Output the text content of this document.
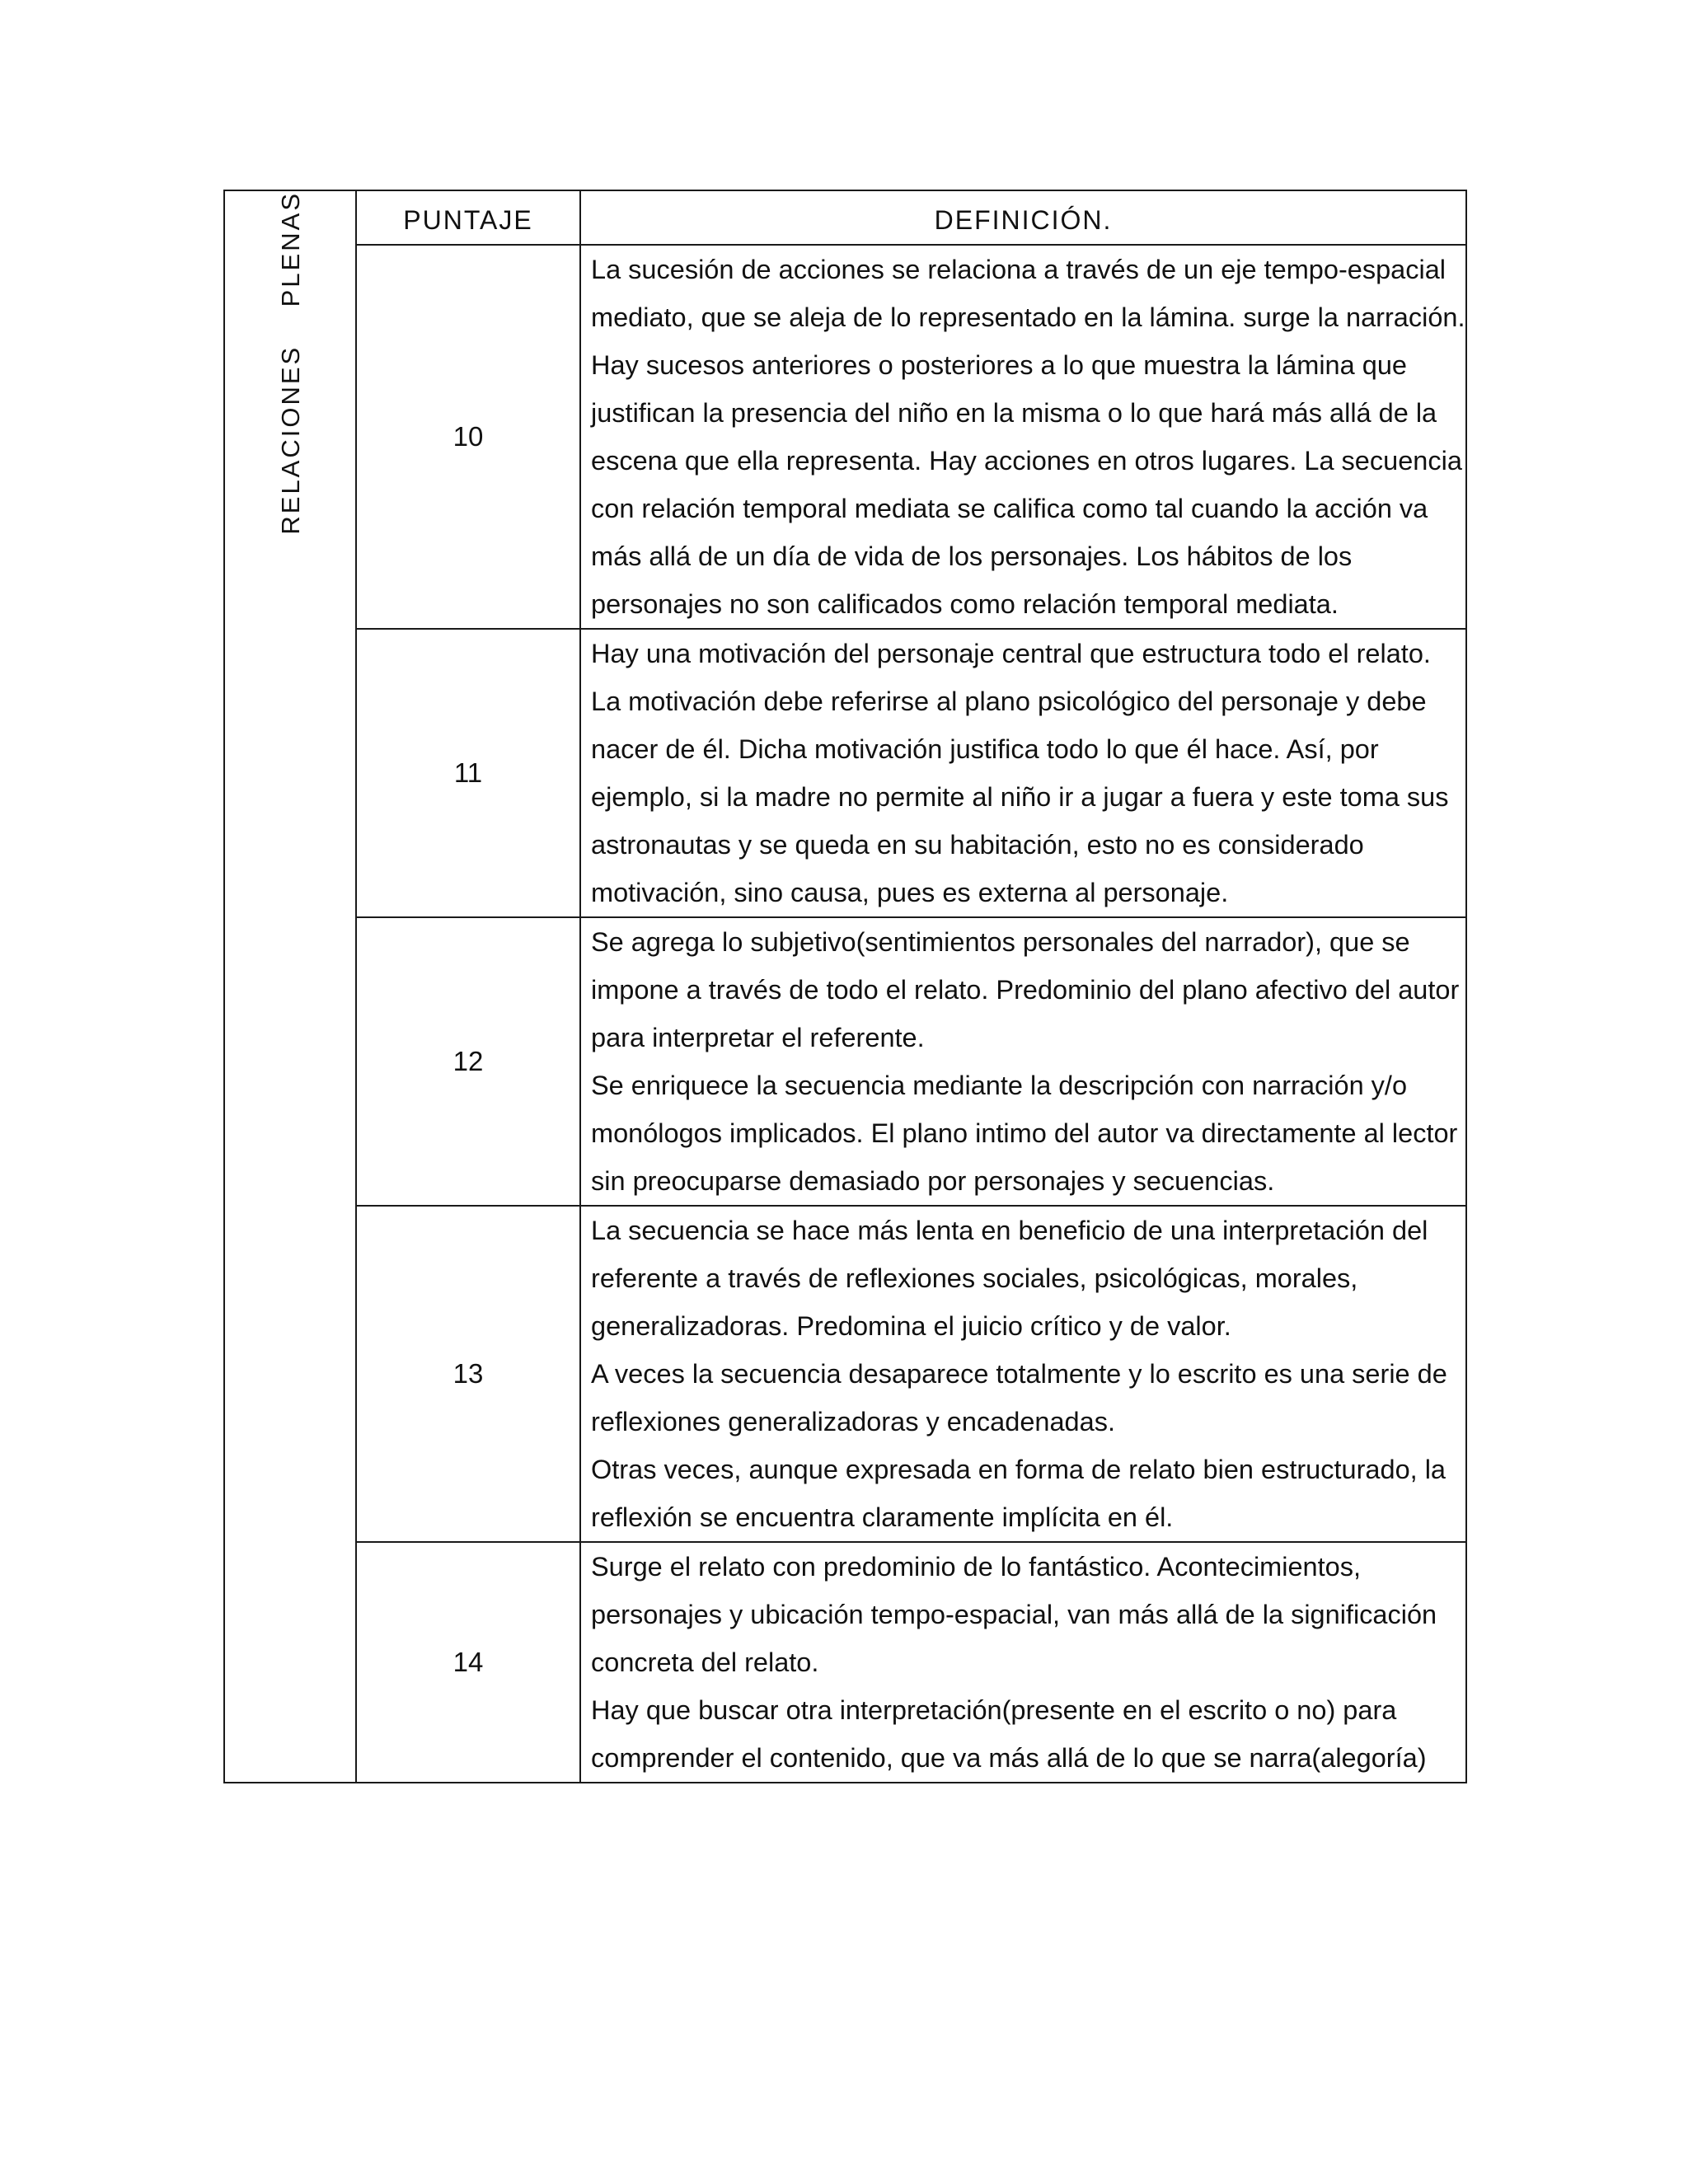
RELACIONES    PLENAS	PUNTAJE	DEFINICIÓN.
	10	La sucesión de acciones se relaciona a través de un eje tempo-espacial mediato, que se aleja de lo representado en la lámina. surge la narración.

Hay sucesos anteriores o posteriores a lo que muestra la lámina que justifican la presencia del niño en la misma o lo que hará más allá de la escena que ella representa. Hay acciones en otros lugares. La secuencia con relación temporal mediata se califica como tal cuando la acción va más allá de un día de vida de los personajes. Los hábitos de los personajes no son calificados como relación temporal mediata.

	11	Hay una motivación del personaje central que estructura todo el relato.

La motivación debe referirse al plano psicológico del personaje y debe nacer de él. Dicha motivación justifica todo lo que él hace. Así, por ejemplo, si la madre no permite al niño ir a jugar a fuera y este toma sus astronautas y se queda en su habitación, esto no es considerado motivación, sino causa, pues es externa al personaje.

	12	Se agrega lo subjetivo(sentimientos personales del narrador), que se impone a través de todo el relato. Predominio del plano afectivo del autor para interpretar el referente.

Se enriquece la secuencia mediante la descripción con narración y/o monólogos implicados. El plano intimo del autor va directamente al lector sin preocuparse demasiado por personajes y secuencias.

	13	La secuencia se hace más lenta en beneficio de una interpretación del referente a través de reflexiones sociales, psicológicas, morales, generalizadoras. Predomina el juicio crítico y de valor.

A veces la secuencia desaparece totalmente y lo escrito es una serie de reflexiones generalizadoras y encadenadas.

Otras veces, aunque expresada en forma de relato bien estructurado, la reflexión se encuentra claramente implícita en él.

	14	Surge el relato con predominio de lo fantástico. Acontecimientos, personajes y ubicación tempo-espacial, van más allá de la significación concreta del relato.

Hay que buscar otra interpretación(presente en el escrito o no) para comprender el contenido, que va más allá de lo que se narra(alegoría)
